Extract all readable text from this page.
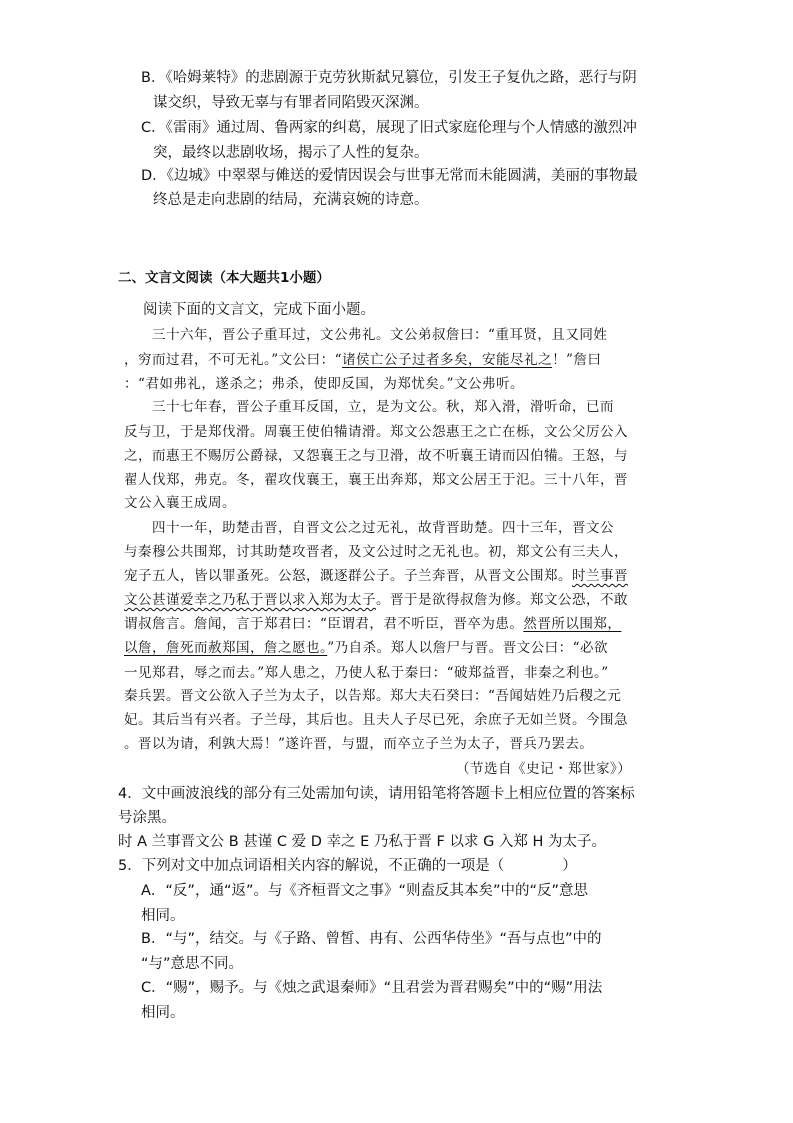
B．《哈姆莱特》的悲剧源于克劳狄斯弑兄篡位，引发王子复仇之路，恶行与阴
谋交织，导致无辜与有罪者同陷毁灭深渊。
C．《雷雨》通过周、鲁两家的纠葛，展现了旧式家庭伦理与个人情感的激烈冲
突，最终以悲剧收场，揭示了人性的复杂。
D．《边城》中翠翠与傩送的爱情因误会与世事无常而未能圆满，美丽的事物最
终总是走向悲剧的结局，充满哀婉的诗意。
二、文言文阅读（本大题共1小题）
阅读下面的文言文，完成下面小题。
三十六年，晋公子重耳过，文公弗礼。文公弟叔詹曰：“重耳贤，且又同姓
，穷而过君，不可无礼。”文公曰：“诸侯亡公子过者多矣，安能尽礼之！”詹曰
：“君如弗礼，遂杀之；弗杀，使即反国，为郑忧矣。”文公弗听。
三十七年春，晋公子重耳反国，立，是为文公。秋，郑入滑，滑听命，已而
反与卫，于是郑伐滑。周襄王使伯犕请滑。郑文公怨惠王之亡在栎，文公父厉公入
之，而惠王不赐厉公爵禄，又怨襄王之与卫滑，故不听襄王请而囚伯犕。王怒，与
翟人伐郑，弗克。冬，翟攻伐襄王，襄王出奔郑，郑文公居王于氾。三十八年，晋
文公入襄王成周。
四十一年，助楚击晋，自晋文公之过无礼，故背晋助楚。四十三年，晋文公
与秦穆公共围郑，讨其助楚攻晋者，及文公过时之无礼也。初，郑文公有三夫人，
宠子五人，皆以罪蚤死。公怒，溉逐群公子。子兰奔晋，从晋文公围郑。时兰事晋
文公甚谨爱幸之乃私于晋以求入郑为太子。晋于是欲得叔詹为修。郑文公恐，不敢
谓叔詹言。詹闻，言于郑君曰：“臣谓君，君不听臣，晋卒为患。然晋所以围郑，
以詹，詹死而赦郑国，詹之愿也。”乃自杀。郑人以詹尸与晋。晋文公曰：“必欲
一见郑君，辱之而去。”郑人患之，乃使人私于秦曰：“破郑益晋，非秦之利也。”
秦兵罢。晋文公欲入子兰为太子，以告郑。郑大夫石癸曰：“吾闻姞姓乃后稷之元
妃。其后当有兴者。子兰母，其后也。且夫人子尽已死，余庶子无如兰贤。今围急
。晋以为请，利孰大焉！”遂许晋，与盟，而卒立子兰为太子，晋兵乃罢去。
（节选自《史记・郑世家》）
4．文中画波浪线的部分有三处需加句读，请用铅笔将答题卡上相应位置的答案标
号涂黑。
时 A 兰事晋文公 B 甚谨 C 爱 D 幸之 E 乃私于晋 F 以求 G 入郑 H 为太子。
5．下列对文中加点词语相关内容的解说，不正确的一项是（　　　　）
A．“反”，通“返”。与《齐桓晋文之事》“则盍反其本矣”中的“反”意思
相同。
B．“与”，结交。与《子路、曾皙、冉有、公西华侍坐》“吾与点也”中的
“与”意思不同。
C．“赐”，赐予。与《烛之武退秦师》“且君尝为晋君赐矣”中的“赐”用法
相同。
